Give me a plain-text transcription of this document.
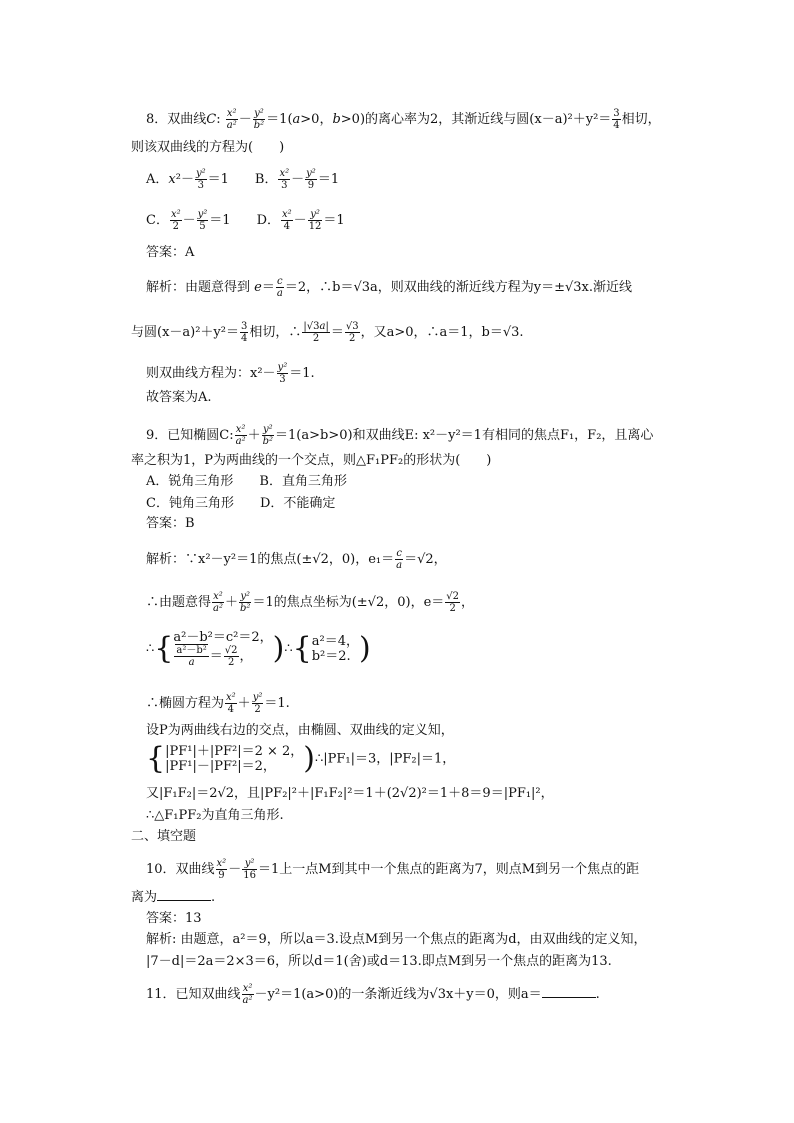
8．双曲线C: $\frac{\text{x²}}{\text{a²}} - \frac{\text{y²}}{\text{b²}} =1(a>0$，b>0)的离心率为2，其渐近线与圆$(x-a)^2+y^2= \frac{3}{4}$ 相切，
则该双曲线的方程为(　　)
A．$x^2- \frac{\text{y²}}{3} =1$　　B． $\frac{\text{x²}}{3} - \frac{\text{y²}}{9} =1$
C． $\frac{\text{x²}}{2} - \frac{\text{y²}}{5} =1$　　D． $\frac{\text{x²}}{4} - \frac{\text{y²}}{12} =1$
答案：A
解析：由题意得到 $e= \frac{c}{a} =2$，∴b＝√3a，则双曲线的渐近线方程为y＝±√3x.渐近线
与圆$(x-a)^2+y^2= \frac{3}{4}$ 相切，∴ $\frac{|√3a|}{2} = \frac{√3}{2}$ ，又a>0，∴a＝1，b＝√3.
则双曲线方程为：$x^2- \frac{\text{y²}}{3} =1$.
故答案为A.
9．已知椭圆C: $\frac{\text{x²}}{\text{a²}} + \frac{\text{y²}}{\text{b²}} =1(a>b>0)$和双曲线E: x²－y²＝1有相同的焦点F₁，F₂，且离心
率之积为1，P为两曲线的一个交点，则△F₁PF₂的形状为(　　)
A．锐角三角形　　B．直角三角形
C．钝角三角形　　D．不能确定
答案：B
解析：∵x²－y²＝1的焦点(±√2，0)，$e_1= \frac{c}{a} =√2$，
∴由题意得 $\frac{\text{x²}}{\text{a²}} + \frac{\text{y²}}{\text{b²}} =1$的焦点坐标为(±√2，0)，$e= \frac{√2}{2}$ ，
∴{a²－b²＝c²＝2，

$\frac{\text{a²－b²}}{a} = \frac{√2}{2}$ ， )∴{a²＝4，
b²＝2. )
∴椭圆方程为 $\frac{\text{x²}}{4} + \frac{\text{y²}}{2} =1$.
设P为两曲线右边的交点，由椭圆、双曲线的定义知，
{|PF¹|＋|PF²|＝2 × 2，
|PF¹|－|PF²|＝2， )∴|PF₁|＝3，|PF₂|＝1，
又|F₁F₂|＝2√2，且|PF₂|²＋|F₁F₂|²＝1＋(2√2)²＝1＋8＝9＝|PF₁|²，
∴△F₁PF₂为直角三角形.
二、填空题
10．双曲线 $\frac{\text{x²}}{9} - \frac{\text{y²}}{16} =1$上一点M到其中一个焦点的距离为7，则点M到另一个焦点的距
离为	.
答案：13
解析: 由题意，a²＝9，所以a＝3.设点M到另一个焦点的距离为d，由双曲线的定义知，
|7－d|＝2a＝2×3＝6，所以d＝1(舍)或d＝13.即点M到另一个焦点的距离为13.
11．已知双曲线 $\frac{\text{x²}}{\text{a²}} -y^2=1(a>0)$的一条渐近线为√3x＋y＝0，则a＝	.
